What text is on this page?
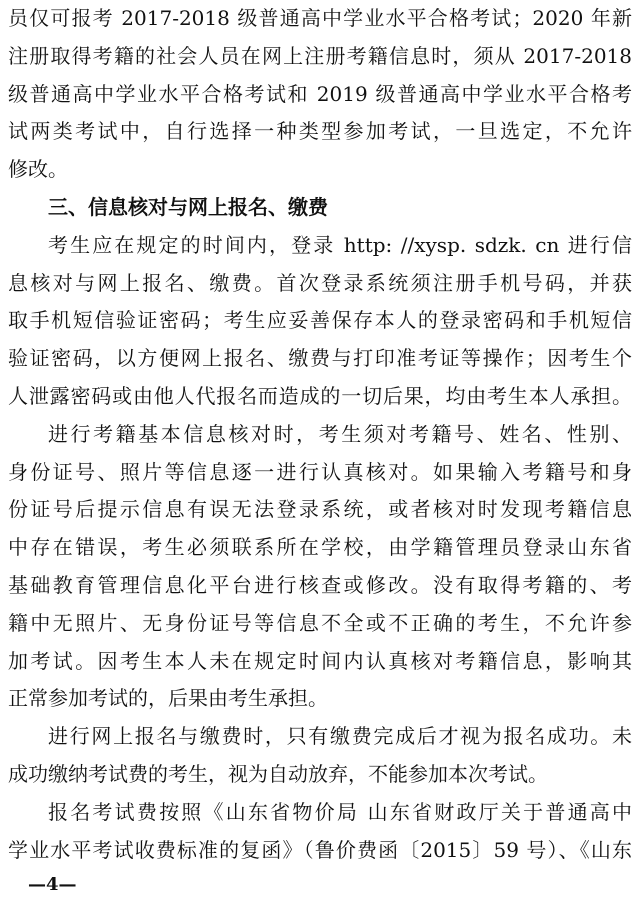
员仅可报考 2017-2018 级普通高中学业水平合格考试；2020 年新
注册取得考籍的社会人员在网上注册考籍信息时，须从 2017-2018
级普通高中学业水平合格考试和 2019 级普通高中学业水平合格考
试两类考试中，自行选择一种类型参加考试，一旦选定，不允许
修改。
三、信息核对与网上报名、缴费
考生应在规定的时间内，登录 http: //xysp. sdzk. cn 进行信
息核对与网上报名、缴费。首次登录系统须注册手机号码，并获
取手机短信验证密码；考生应妥善保存本人的登录密码和手机短信
验证密码，以方便网上报名、缴费与打印准考证等操作；因考生个
人泄露密码或由他人代报名而造成的一切后果，均由考生本人承担。
进行考籍基本信息核对时，考生须对考籍号、姓名、性别、
身份证号、照片等信息逐一进行认真核对。如果输入考籍号和身
份证号后提示信息有误无法登录系统，或者核对时发现考籍信息
中存在错误，考生必须联系所在学校，由学籍管理员登录山东省
基础教育管理信息化平台进行核查或修改。没有取得考籍的、考
籍中无照片、无身份证号等信息不全或不正确的考生，不允许参
加考试。因考生本人未在规定时间内认真核对考籍信息，影响其
正常参加考试的，后果由考生承担。
进行网上报名与缴费时，只有缴费完成后才视为报名成功。未
成功缴纳考试费的考生，视为自动放弃，不能参加本次考试。
报名考试费按照《山东省物价局 山东省财政厅关于普通高中
学业水平考试收费标准的复函》（鲁价费函〔2015〕59 号）、《山东
—4—
